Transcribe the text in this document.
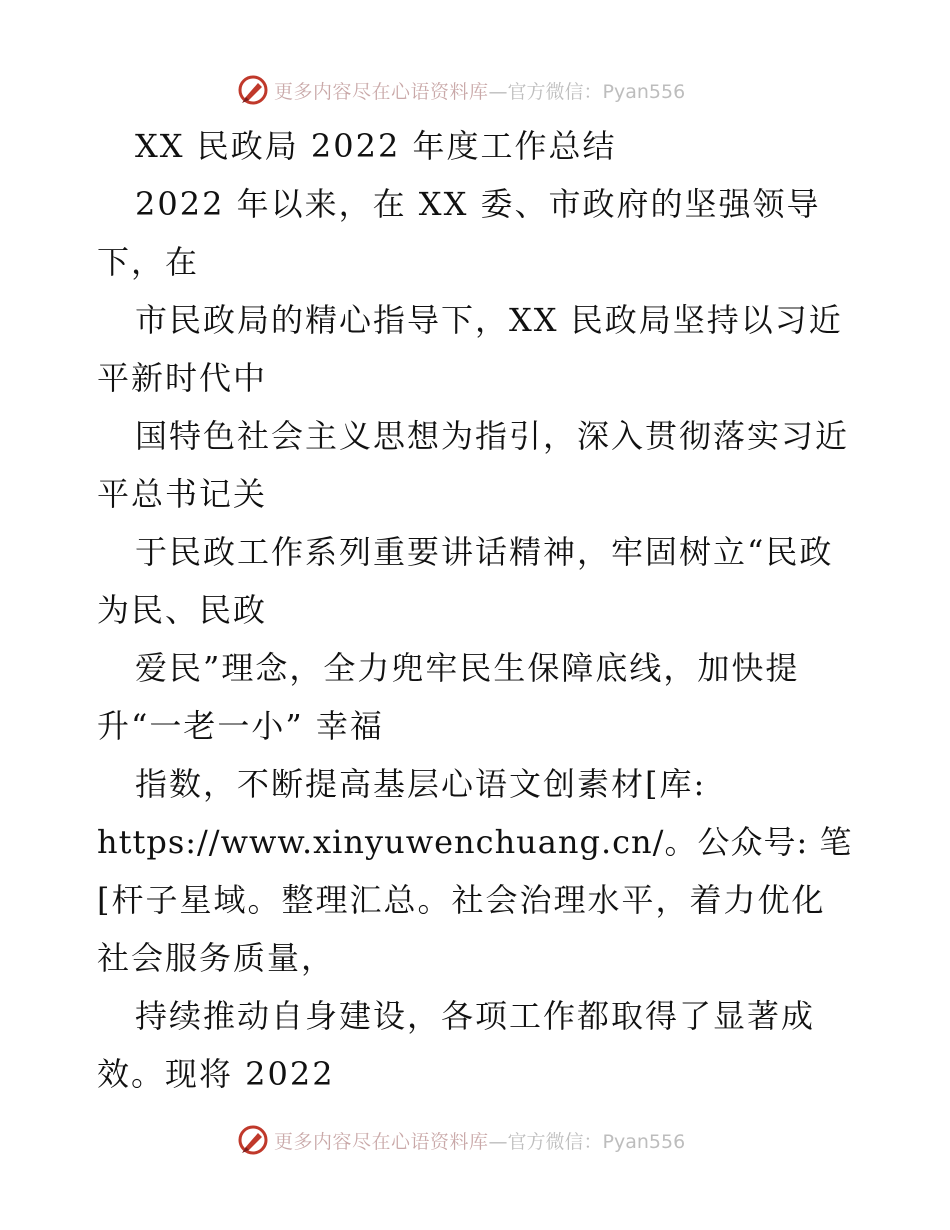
更多内容尽在心语资料库 —官方微信：Pyan556
XX 民政局 2022 年度工作总结
2022 年以来，在 XX 委、市政府的坚强领导
下，在
市民政局的精心指导下，XX 民政局坚持以习近
平新时代中
国特色社会主义思想为指引，深入贯彻落实习近
平总书记关
于民政工作系列重要讲话精神，牢固树立“民政
为民、民政
爱民”理念，全力兜牢民生保障底线，加快提
升“一老一小” 幸福
指数，不断提高基层心语文创素材[库:
https://www.xinyuwenchuang.cn/。公众号: 笔
[杆子星域。整理汇总。社会治理水平，着力优化
社会服务质量，
持续推动自身建设，各项工作都取得了显著成
效。现将 2022
更多内容尽在心语资料库 —官方微信：Pyan556
